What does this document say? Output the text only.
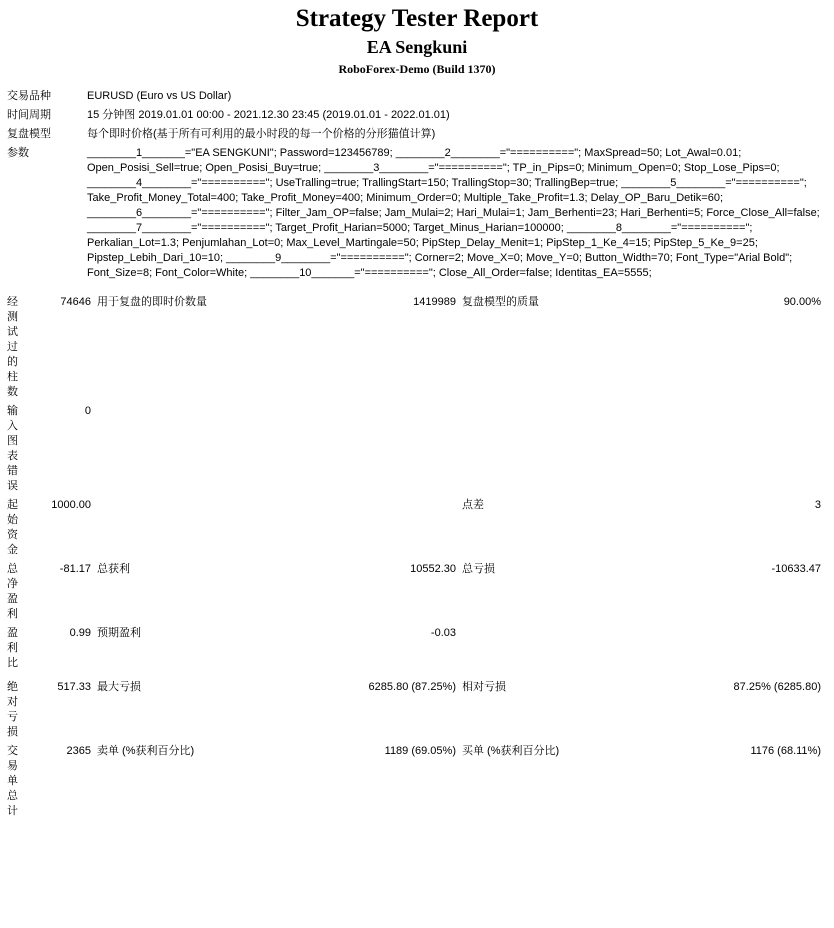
Strategy Tester Report
EA Sengkuni
RoboForex-Demo (Build 1370)
交易品种	EURUSD (Euro vs US Dollar)
时间周期	15 分钟图 2019.01.01 00:00 - 2021.12.30 23:45 (2019.01.01 - 2022.01.01)
复盘模型	每个即时价格(基于所有可利用的最小时段的每一个价格的分形猫值计算)
参数	________1_______="EA SENGKUNI"; Password=123456789; ________2________="=========="; MaxSpread=50; Lot_Awal=0.01; Open_Posisi_Sell=true; Open_Posisi_Buy=true; ________3________="=========="; TP_in_Pips=0; Minimum_Open=0; Stop_Lose_Pips=0; ________4________="=========="; UseTralling=true; TrallingStart=150; TrallingStop=30; TrallingBep=true; ________5________="=========="; Take_Profit_Money_Total=400; Take_Profit_Money=400; Minimum_Order=0; Multiple_Take_Profit=1.3; Delay_OP_Baru_Detik=60; ________6________="=========="; Filter_Jam_OP=false; Jam_Mulai=2; Hari_Mulai=1; Jam_Berhenti=23; Hari_Berhenti=5; Force_Close_All=false; ________7________="=========="; Target_Profit_Harian=5000; Target_Minus_Harian=100000; ________8________="=========="; Perkalian_Lot=1.3; Penjumlahan_Lot=0; Max_Level_Martingale=50; PipStep_Delay_Menit=1; PipStep_1_Ke_4=15; PipStep_5_Ke_9=25; Pipstep_Lebih_Dari_10=10; ________9________="=========="; Corner=2; Move_X=0; Move_Y=0; Button_Width=70; Font_Type="Arial Bold"; Font_Size=8; Font_Color=White; ________10_______="=========="; Close_All_Order=false; Identitas_EA=5555;
经测试过的柱数	74646	用于复盘的即时价数量	1419989	复盘模型的质量	90.00%
输入图表错误	0				
起始资金	1000.00			点差	3
总净盈利	-81.17	总获利	10552.30	总亏损	-10633.47
盈利比	0.99	预期盈利	-0.03		
绝对亏损	517.33	最大亏损	6285.80 (87.25%)	相对亏损	87.25% (6285.80)
交易单总计	2365	卖单 (%获利百分比)	1189 (69.05%)	买单 (%获利百分比)	1176 (68.11%)
